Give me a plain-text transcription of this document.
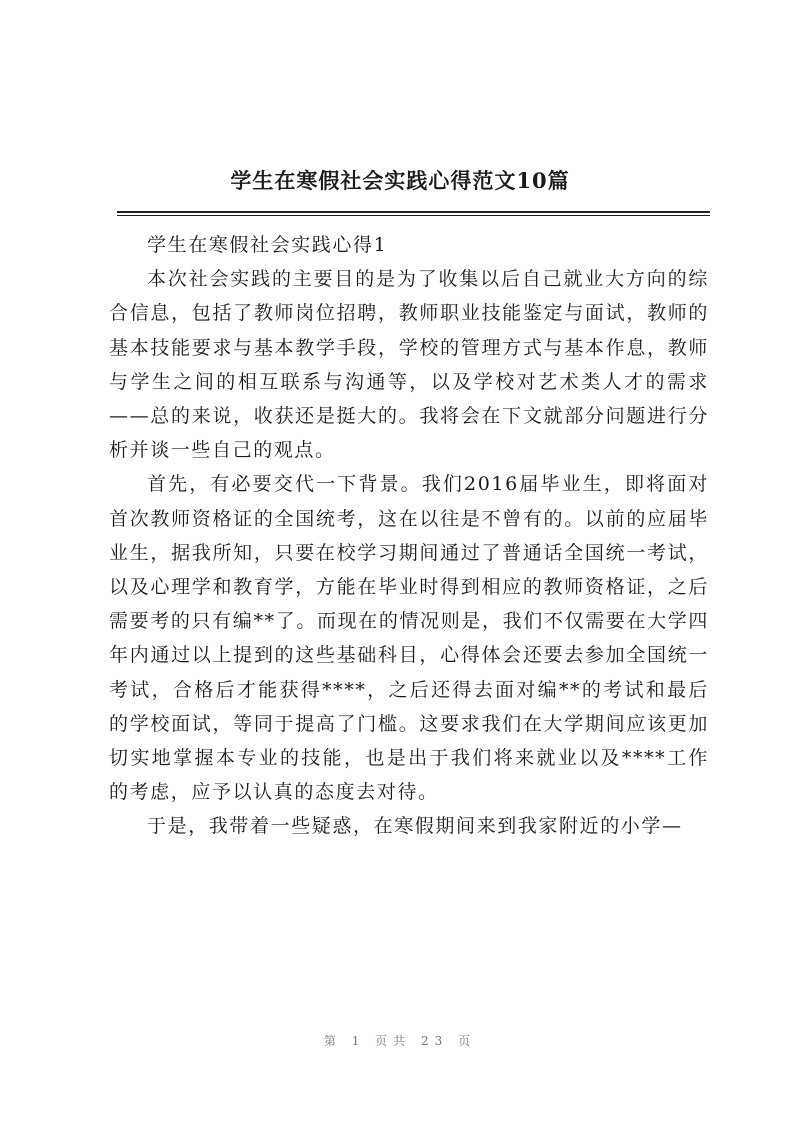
学生在寒假社会实践心得范文10篇

学生在寒假社会实践心得1

本次社会实践的主要目的是为了收集以后自己就业大方向的综合信息，包括了教师岗位招聘，教师职业技能鉴定与面试，教师的基本技能要求与基本教学手段，学校的管理方式与基本作息，教师与学生之间的相互联系与沟通等，以及学校对艺术类人才的需求——总的来说，收获还是挺大的。我将会在下文就部分问题进行分析并谈一些自己的观点。

首先，有必要交代一下背景。我们2016届毕业生，即将面对首次教师资格证的全国统考，这在以往是不曾有的。以前的应届毕业生，据我所知，只要在校学习期间通过了普通话全国统一考试，以及心理学和教育学，方能在毕业时得到相应的教师资格证，之后需要考的只有编**了。而现在的情况则是，我们不仅需要在大学四年内通过以上提到的这些基础科目，心得体会还要去参加全国统一考试，合格后才能获得****，之后还得去面对编**的考试和最后的学校面试，等同于提高了门槛。这要求我们在大学期间应该更加切实地掌握本专业的技能，也是出于我们将来就业以及****工作的考虑，应予以认真的态度去对待。

于是，我带着一些疑惑，在寒假期间来到我家附近的小学—

第 1 页共 23 页
